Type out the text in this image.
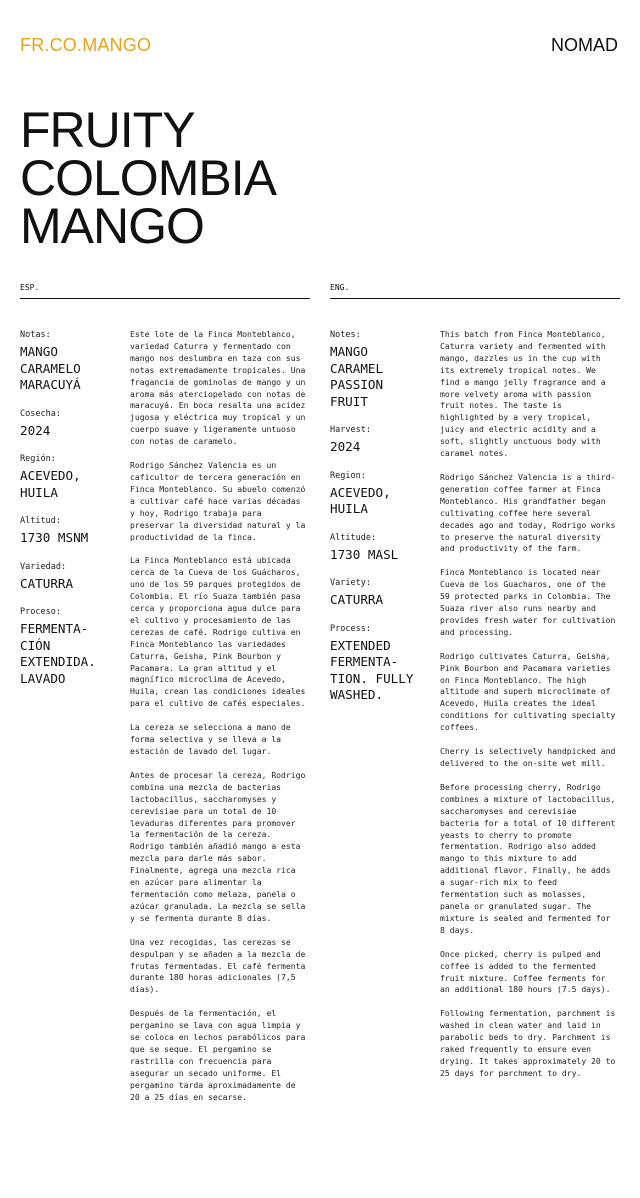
FR.CO.MANGO	NOMAD
FRUITY
COLOMBIA
MANGO
ESP.
Notas:
MANGO
CARAMELO
MARACUYÁ
Cosecha:
2024
Región:
ACEVEDO,
HUILA
Altitud:
1730 MSNM
Variedad:
CATURRA
Proceso:
FERMENTA-
CIÓN
EXTENDIDA.
LAVADO

Este lote de la Finca Monteblanco, variedad Caturra y fermentado con mango nos deslumbra en taza con sus notas extremadamente tropicales. Una fragancia de gominolas de mango y un aroma más aterciopelado con notas de maracuyá. En boca resalta una acidez jugosa y eléctrica muy tropical y un cuerpo suave y ligeramente untuoso con notas de caramelo.

Rodrigo Sánchez Valencia es un caficultor de tercera generación en Finca Monteblanco. Su abuelo comenzó a cultivar café hace varias décadas y hoy, Rodrigo trabaja para preservar la diversidad natural y la productividad de la finca.

La Finca Monteblanco está ubicada cerca de la Cueva de los Guácharos, uno de los 59 parques protegidos de Colombia. El río Suaza también pasa cerca y proporciona agua dulce para el cultivo y procesamiento de las cerezas de café. Rodrigo cultiva en Finca Monteblanco las variedades Caturra, Geisha, Pink Bourbon y Pacamara. La gran altitud y el magnífico microclima de Acevedo, Huila, crean las condiciones ideales para el cultivo de cafés especiales.

La cereza se selecciona a mano de forma selectiva y se lleva a la estación de lavado del lugar.

Antes de procesar la cereza, Rodrigo combina una mezcla de bacterias lactobacillus, saccharomyses y cerevisiae para un total de 10 levaduras diferentes para promover la fermentación de la cereza. Rodrigo también añadió mango a esta mezcla para darle más sabor. Finalmente, agrega una mezcla rica en azúcar para alimentar la fermentación como melaza, panela o azúcar granulada. La mezcla se sella y se fermenta durante 8 días.

Una vez recogidas, las cerezas se despulpan y se añaden a la mezcla de frutas fermentadas. El café fermenta durante 180 horas adicionales (7,5 días).

Después de la fermentación, el pergamino se lava con agua limpia y se coloca en lechos parabólicos para que se seque. El pergamino se rastrilla con frecuencia para asegurar un secado uniforme. El pergamino tarda aproximadamente de 20 a 25 días en secarse.

ENG.
Notes:
MANGO
CARAMEL
PASSION
FRUIT
Harvest:
2024
Region:
ACEVEDO,
HUILA
Altitude:
1730 MASL
Variety:
CATURRA
Process:
EXTENDED
FERMENTA-
TION. FULLY
WASHED.

This batch from Finca Monteblanco, Caturra variety and fermented with mango, dazzles us in the cup with its extremely tropical notes. We find a mango jelly fragrance and a more velvety aroma with passion fruit notes. The taste is highlighted by a very tropical, juicy and electric acidity and a soft, slightly unctuous body with caramel notes.

Rodrigo Sánchez Valencia is a third-generation coffee farmer at Finca Monteblanco. His grandfather began cultivating coffee here several decades ago and today, Rodrigo works to preserve the natural diversity and productivity of the farm.

Finca Monteblanco is located near Cueva de los Guacharos, one of the 59 protected parks in Colombia. The Suaza river also runs nearby and provides fresh water for cultivation and processing.

Rodrigo cultivates Caturra, Geisha, Pink Bourbon and Pacamara varieties on Finca Monteblanco. The high altitude and superb microclimate of Acevedo, Huila creates the ideal conditions for cultivating specialty coffees.

Cherry is selectively handpicked and delivered to the on-site wet mill.

Before processing cherry, Rodrigo combines a mixture of lactobacillus, saccharomyses and cerevisiae bacteria for a total of 10 different yeasts to cherry to promote fermentation. Rodrigo also added mango to this mixture to add additional flavor. Finally, he adds a sugar-rich mix to feed fermentation such as molasses, panela or granulated sugar. The mixture is sealed and fermented for 8 days.

Once picked, cherry is pulped and coffee is added to the fermented fruit mixture. Coffee ferments for an additional 180 hours (7.5 days).

Following fermentation, parchment is washed in clean water and laid in parabolic beds to dry. Parchment is raked frequently to ensure even drying. It takes approximately 20 to 25 days for parchment to dry.
